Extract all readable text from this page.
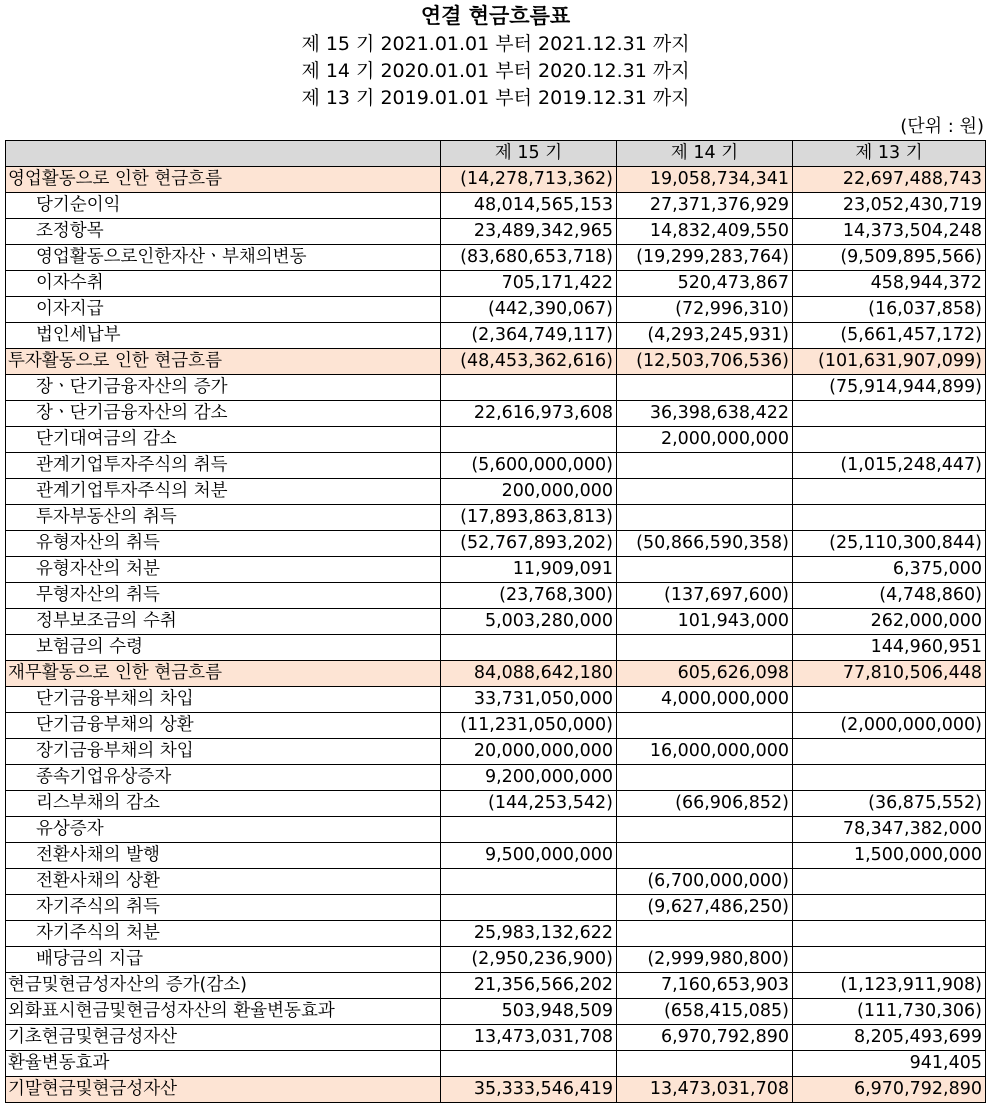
연결 현금흐름표
제 15 기 2021.01.01 부터 2021.12.31 까지
제 14 기 2020.01.01 부터 2020.12.31 까지
제 13 기 2019.01.01 부터 2019.12.31 까지
(단위 : 원)
	제 15 기	제 14 기	제 13 기
영업활동으로 인한 현금흐름	(14,278,713,362)	19,058,734,341	22,697,488,743
당기순이익	48,014,565,153	27,371,376,929	23,052,430,719
조정항목	23,489,342,965	14,832,409,550	14,373,504,248
영업활동으로인한자산ㆍ부채의변동	(83,680,653,718)	(19,299,283,764)	(9,509,895,566)
이자수취	705,171,422	520,473,867	458,944,372
이자지급	(442,390,067)	(72,996,310)	(16,037,858)
법인세납부	(2,364,749,117)	(4,293,245,931)	(5,661,457,172)
투자활동으로 인한 현금흐름	(48,453,362,616)	(12,503,706,536)	(101,631,907,099)
장ㆍ단기금융자산의 증가			(75,914,944,899)
장ㆍ단기금융자산의 감소	22,616,973,608	36,398,638,422	
단기대여금의 감소		2,000,000,000	
관계기업투자주식의 취득	(5,600,000,000)		(1,015,248,447)
관계기업투자주식의 처분	200,000,000		
투자부동산의 취득	(17,893,863,813)		
유형자산의 취득	(52,767,893,202)	(50,866,590,358)	(25,110,300,844)
유형자산의 처분	11,909,091		6,375,000
무형자산의 취득	(23,768,300)	(137,697,600)	(4,748,860)
정부보조금의 수취	5,003,280,000	101,943,000	262,000,000
보험금의 수령			144,960,951
재무활동으로 인한 현금흐름	84,088,642,180	605,626,098	77,810,506,448
단기금융부채의 차입	33,731,050,000	4,000,000,000	
단기금융부채의 상환	(11,231,050,000)		(2,000,000,000)
장기금융부채의 차입	20,000,000,000	16,000,000,000	
종속기업유상증자	9,200,000,000		
리스부채의 감소	(144,253,542)	(66,906,852)	(36,875,552)
유상증자			78,347,382,000
전환사채의 발행	9,500,000,000		1,500,000,000
전환사채의 상환		(6,700,000,000)	
자기주식의 취득		(9,627,486,250)	
자기주식의 처분	25,983,132,622		
배당금의 지급	(2,950,236,900)	(2,999,980,800)	
현금및현금성자산의 증가(감소)	21,356,566,202	7,160,653,903	(1,123,911,908)
외화표시현금및현금성자산의 환율변동효과	503,948,509	(658,415,085)	(111,730,306)
기초현금및현금성자산	13,473,031,708	6,970,792,890	8,205,493,699
환율변동효과			941,405
기말현금및현금성자산	35,333,546,419	13,473,031,708	6,970,792,890
